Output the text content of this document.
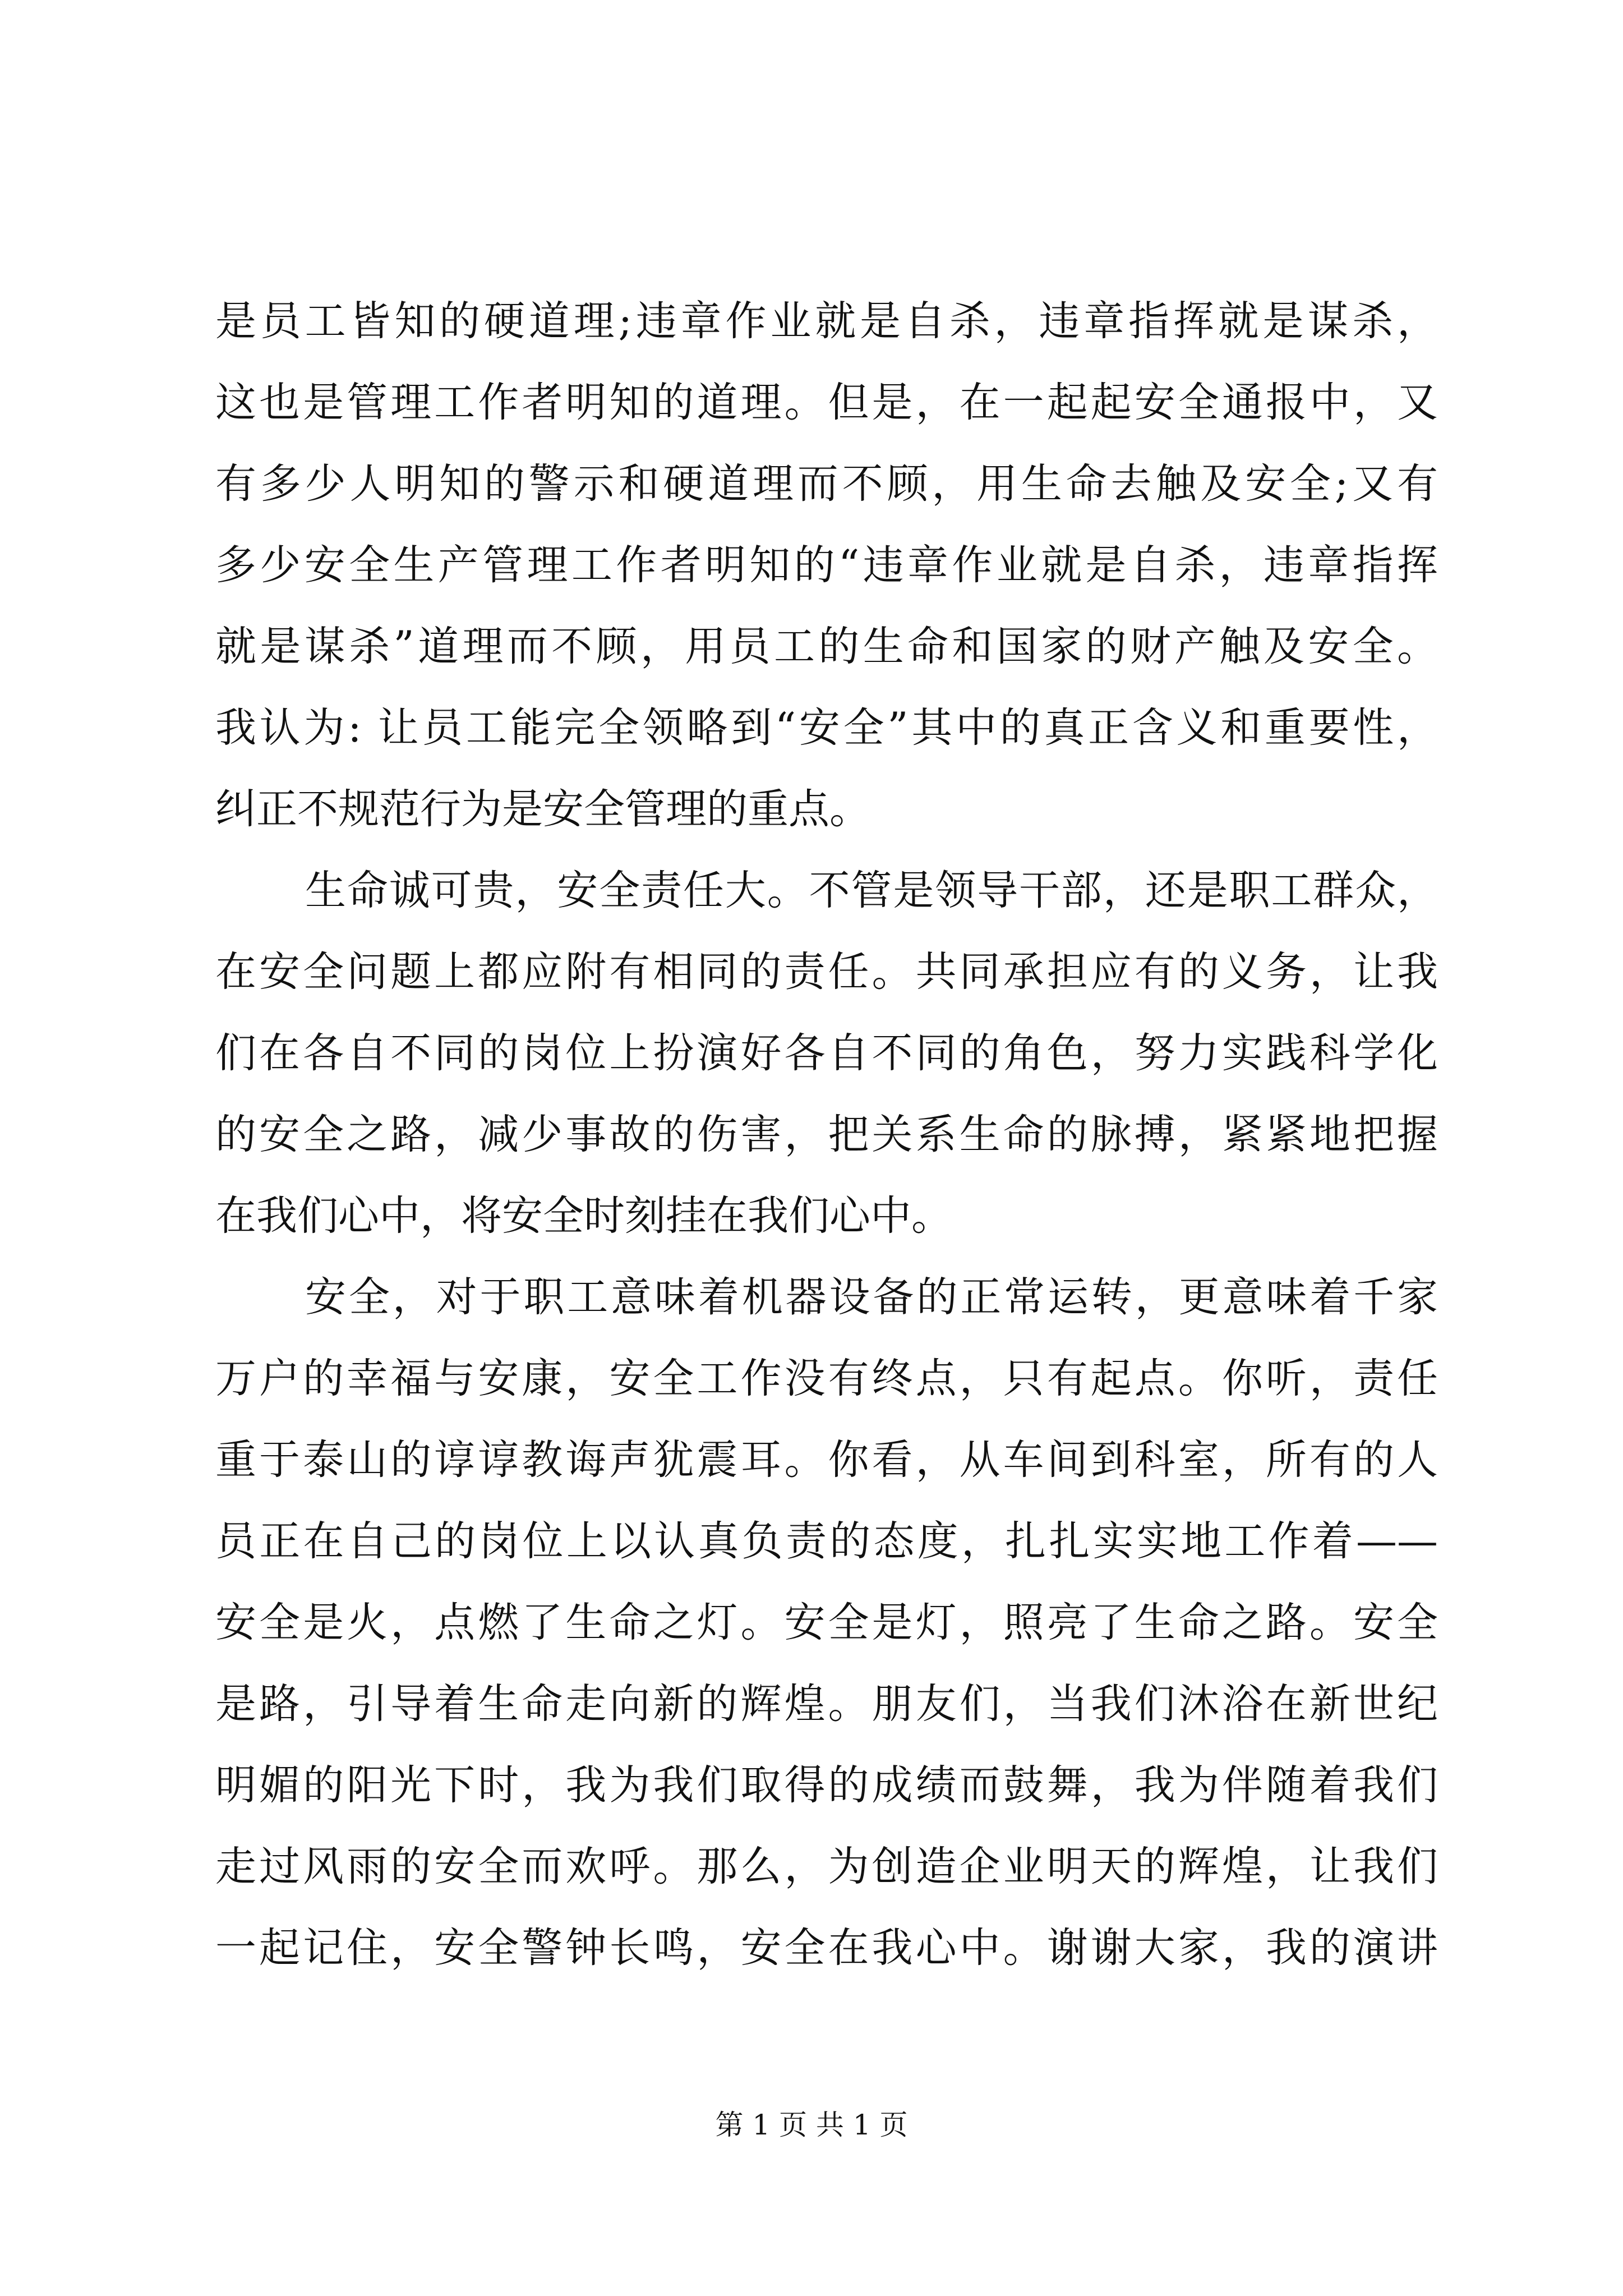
是员工皆知的硬道理;违章作业就是自杀，违章指挥就是谋杀，
这也是管理工作者明知的道理。但是，在一起起安全通报中，又
有多少人明知的警示和硬道理而不顾，用生命去触及安全;又有
多少安全生产管理工作者明知的“违章作业就是自杀，违章指挥
就是谋杀”道理而不顾，用员工的生命和国家的财产触及安全。
我认为: 让员工能完全领略到“安全”其中的真正含义和重要性，
纠正不规范行为是安全管理的重点。
生命诚可贵，安全责任大。不管是领导干部，还是职工群众，
在安全问题上都应附有相同的责任。共同承担应有的义务，让我
们在各自不同的岗位上扮演好各自不同的角色，努力实践科学化
的安全之路，减少事故的伤害，把关系生命的脉搏，紧紧地把握
在我们心中，将安全时刻挂在我们心中。
安全，对于职工意味着机器设备的正常运转，更意味着千家
万户的幸福与安康，安全工作没有终点，只有起点。你听，责任
重于泰山的谆谆教诲声犹震耳。你看，从车间到科室，所有的人
员正在自己的岗位上以认真负责的态度，扎扎实实地工作着——
安全是火，点燃了生命之灯。安全是灯，照亮了生命之路。安全
是路，引导着生命走向新的辉煌。朋友们，当我们沐浴在新世纪
明媚的阳光下时，我为我们取得的成绩而鼓舞，我为伴随着我们
走过风雨的安全而欢呼。那么，为创造企业明天的辉煌，让我们
一起记住，安全警钟长鸣，安全在我心中。谢谢大家，我的演讲
第 1 页 共 1 页
